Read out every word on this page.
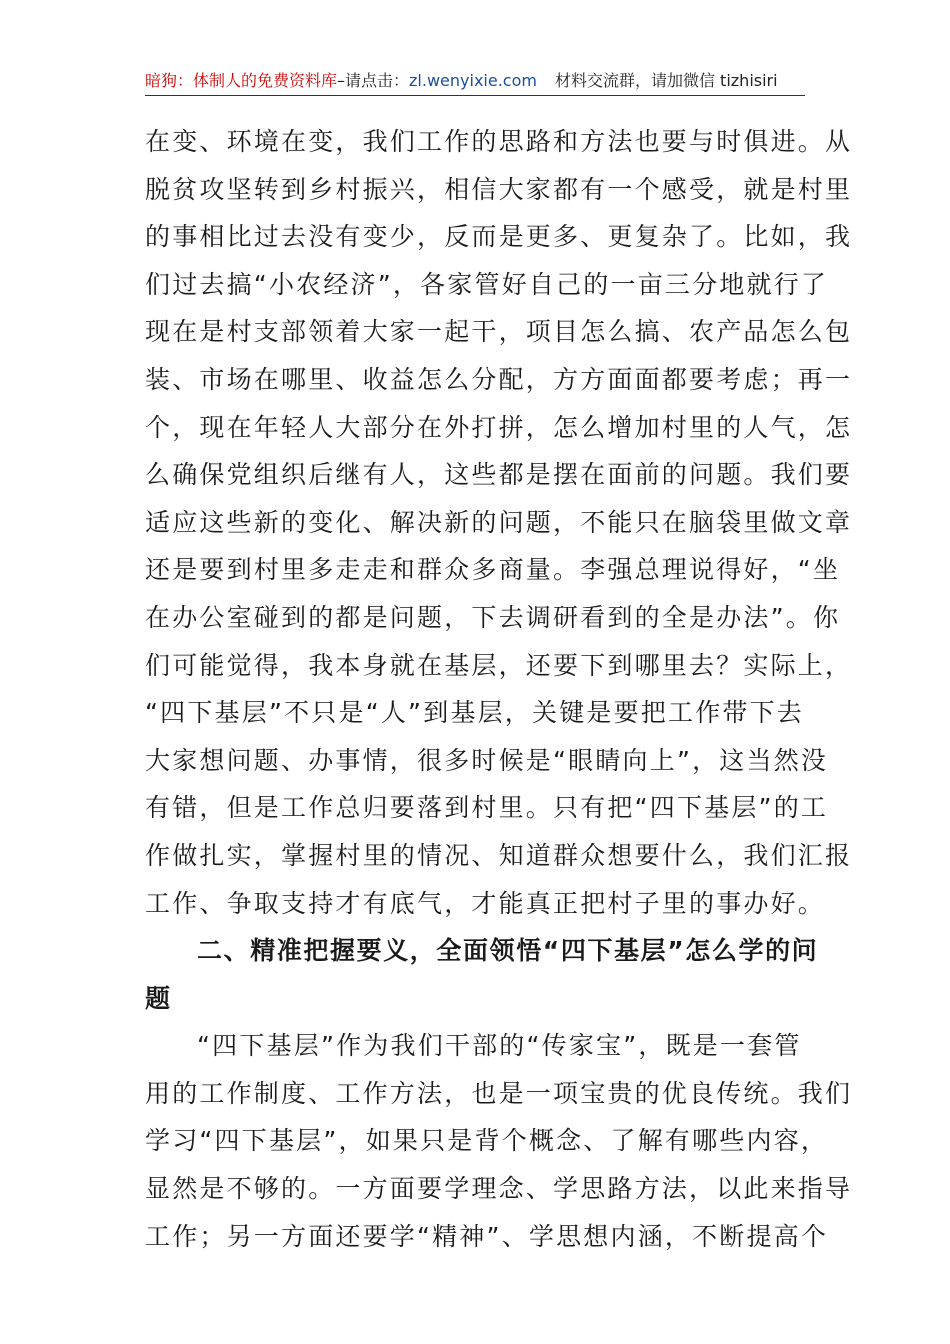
暗狗：体制人的免费资料库–请点击：zl.wenyixie.com 材料交流群，请加微信 tizhisiri
在变、环境在变，我们工作的思路和方法也要与时俱进。从
脱贫攻坚转到乡村振兴，相信大家都有一个感受，就是村里
的事相比过去没有变少，反而是更多、更复杂了。比如，我
们过去搞“小农经济”，各家管好自己的一亩三分地就行了
现在是村支部领着大家一起干，项目怎么搞、农产品怎么包
装、市场在哪里、收益怎么分配，方方面面都要考虑；再一
个，现在年轻人大部分在外打拼，怎么增加村里的人气，怎
么确保党组织后继有人，这些都是摆在面前的问题。我们要
适应这些新的变化、解决新的问题，不能只在脑袋里做文章
还是要到村里多走走和群众多商量。李强总理说得好，“坐
在办公室碰到的都是问题，下去调研看到的全是办法”。你
们可能觉得，我本身就在基层，还要下到哪里去？实际上，
“四下基层”不只是“人”到基层，关键是要把工作带下去
大家想问题、办事情，很多时候是“眼睛向上”，这当然没
有错，但是工作总归要落到村里。只有把“四下基层”的工
作做扎实，掌握村里的情况、知道群众想要什么，我们汇报
工作、争取支持才有底气，才能真正把村子里的事办好。
二、精准把握要义，全面领悟“四下基层”怎么学的问
题
“四下基层”作为我们干部的“传家宝”，既是一套管
用的工作制度、工作方法，也是一项宝贵的优良传统。我们
学习“四下基层”，如果只是背个概念、了解有哪些内容，
显然是不够的。一方面要学理念、学思路方法，以此来指导
工作；另一方面还要学“精神”、学思想内涵，不断提高个
